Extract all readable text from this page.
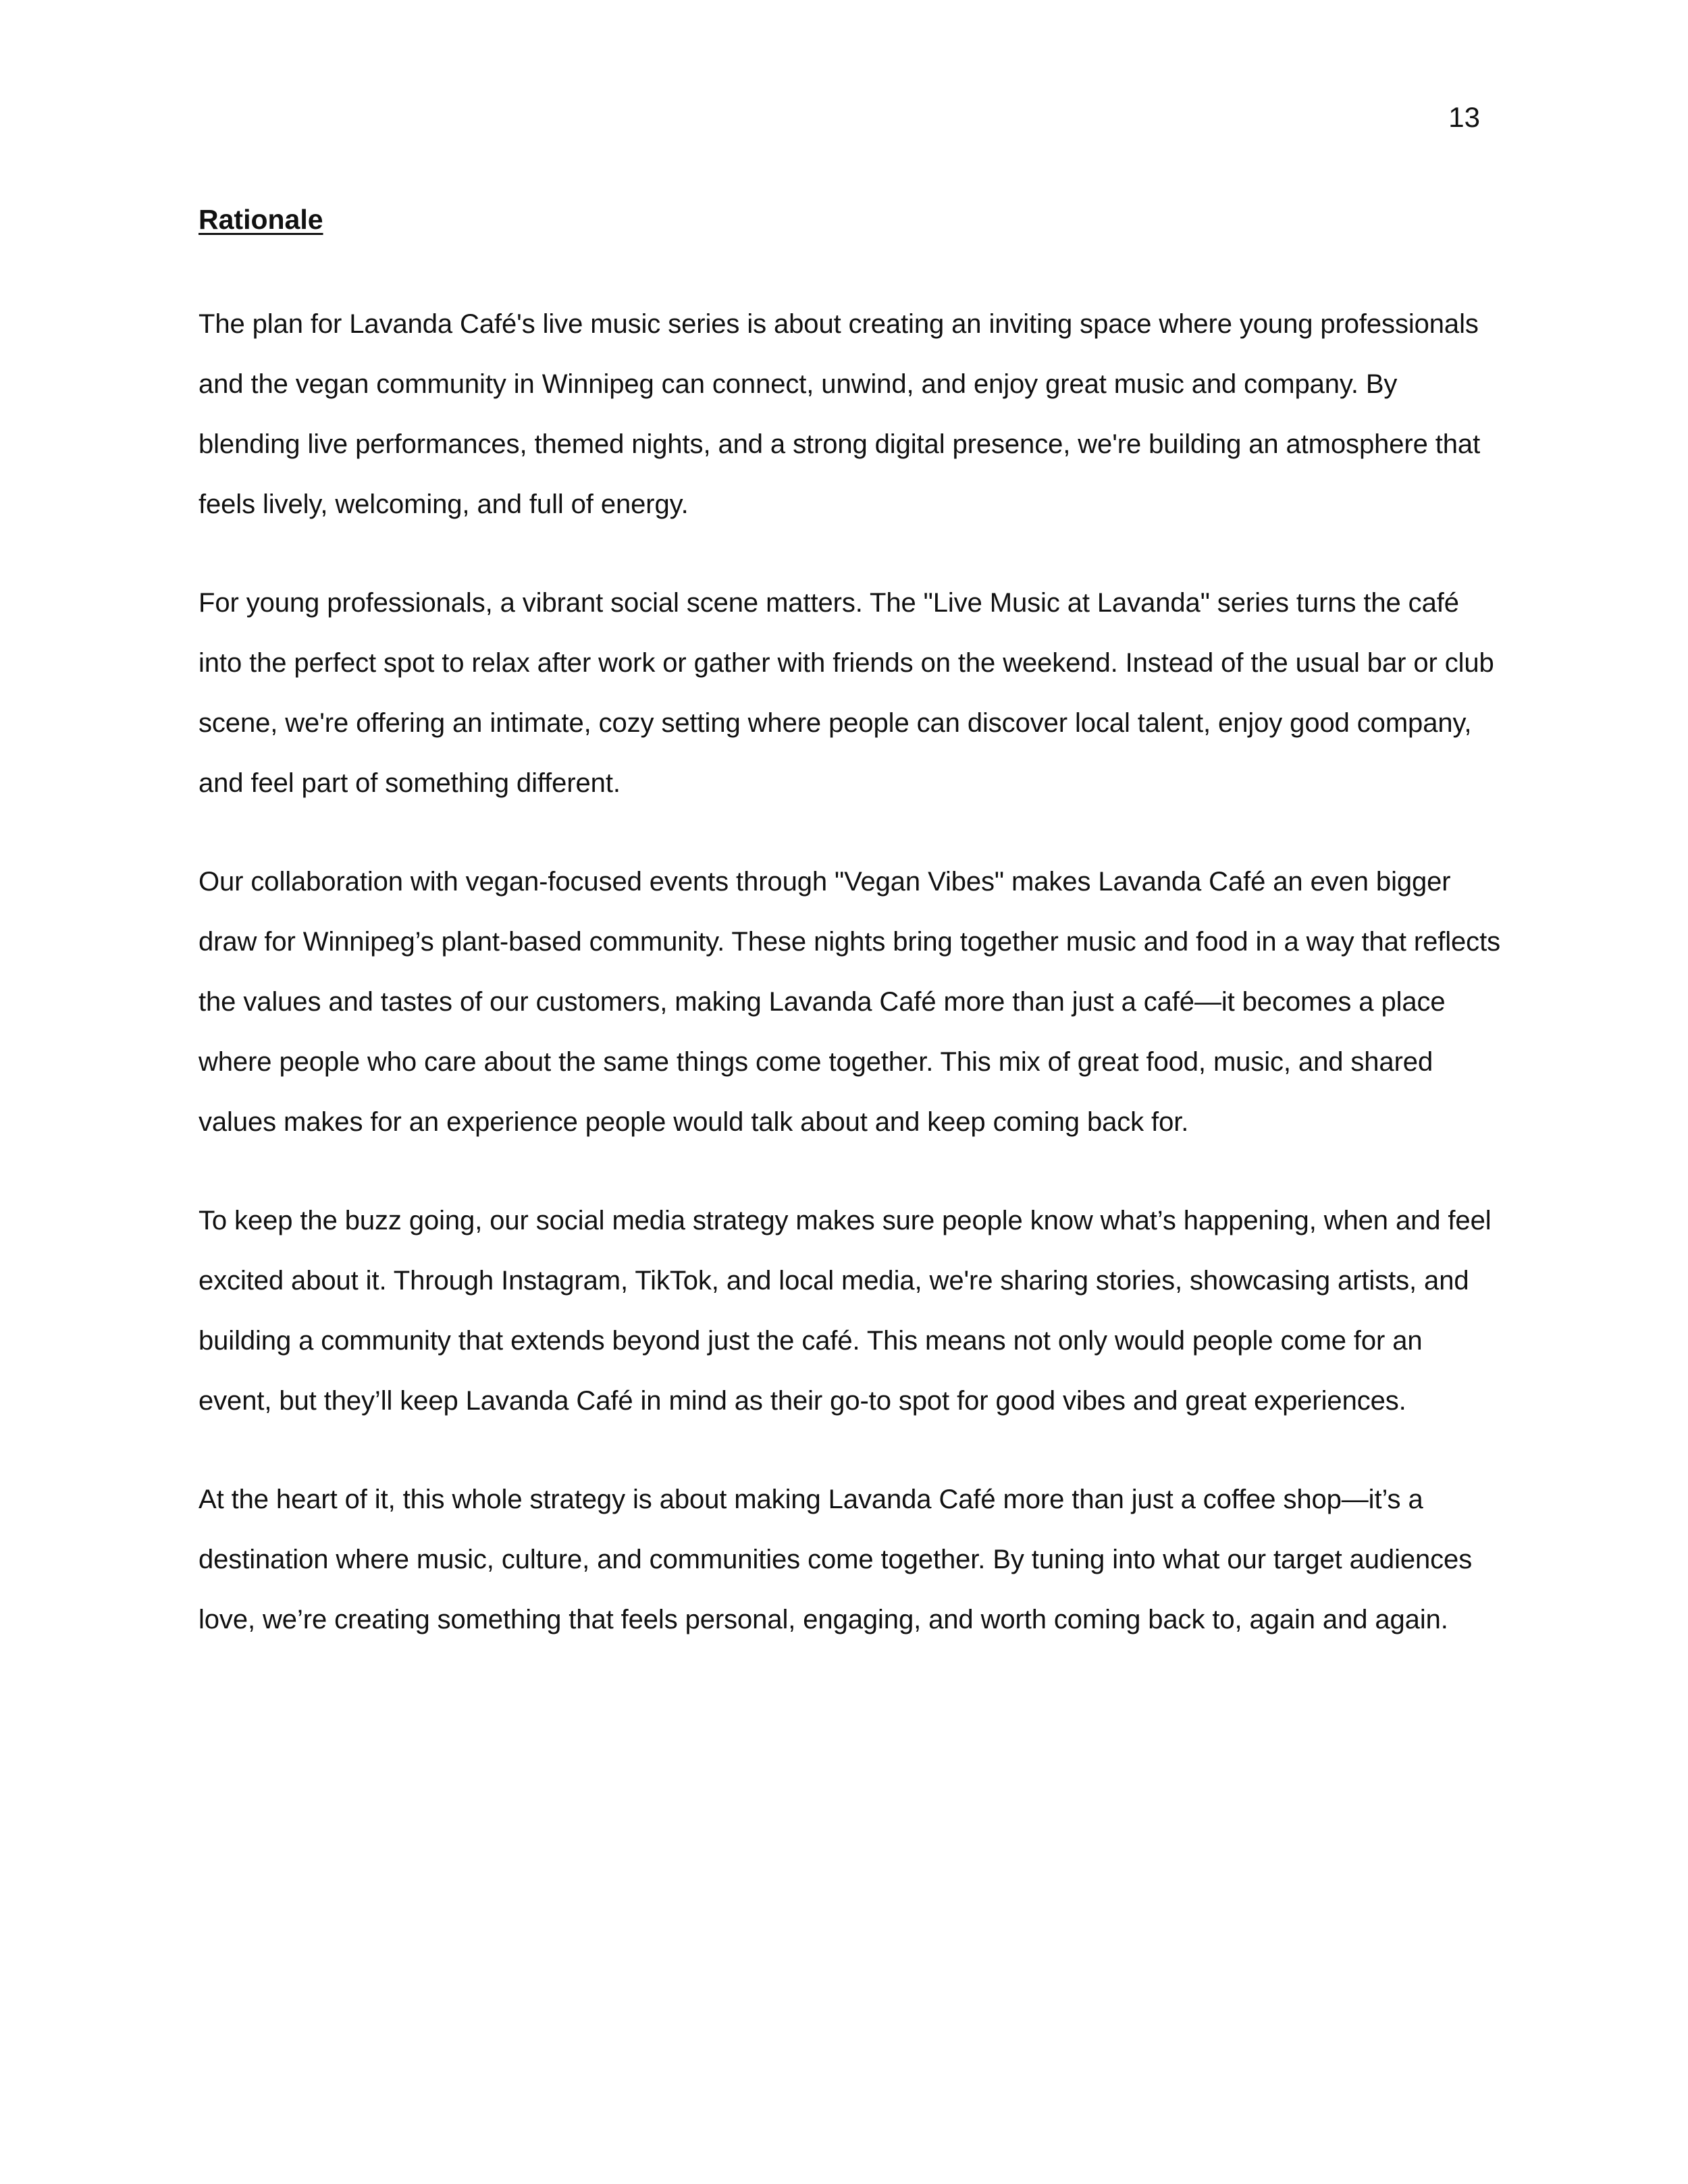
13
Rationale

The plan for Lavanda Café's live music series is about creating an inviting space where young professionals and the vegan community in Winnipeg can connect, unwind, and enjoy great music and company. By blending live performances, themed nights, and a strong digital presence, we're building an atmosphere that feels lively, welcoming, and full of energy.

For young professionals, a vibrant social scene matters. The "Live Music at Lavanda" series turns the café into the perfect spot to relax after work or gather with friends on the weekend. Instead of the usual bar or club scene, we're offering an intimate, cozy setting where people can discover local talent, enjoy good company, and feel part of something different.

Our collaboration with vegan-focused events through "Vegan Vibes" makes Lavanda Café an even bigger draw for Winnipeg’s plant-based community. These nights bring together music and food in a way that reflects the values and tastes of our customers, making Lavanda Café more than just a café—it becomes a place where people who care about the same things come together. This mix of great food, music, and shared values makes for an experience people would talk about and keep coming back for.

To keep the buzz going, our social media strategy makes sure people know what’s happening, when and feel excited about it. Through Instagram, TikTok, and local media, we're sharing stories, showcasing artists, and building a community that extends beyond just the café. This means not only would people come for an event, but they’ll keep Lavanda Café in mind as their go-to spot for good vibes and great experiences.

At the heart of it, this whole strategy is about making Lavanda Café more than just a coffee shop—it’s a destination where music, culture, and communities come together. By tuning into what our target audiences love, we’re creating something that feels personal, engaging, and worth coming back to, again and again.
